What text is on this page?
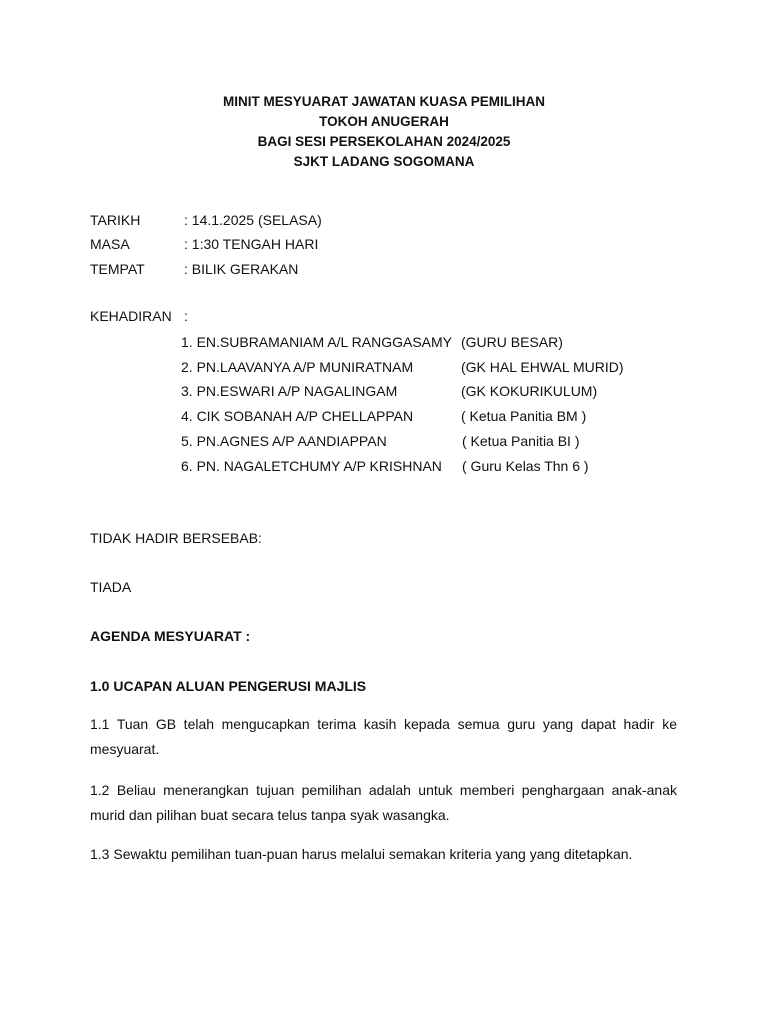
MINIT MESYUARAT JAWATAN KUASA PEMILIHAN
TOKOH ANUGERAH
BAGI SESI PERSEKOLAHAN 2024/2025
SJKT LADANG SOGOMANA
TARIKH	: 14.1.2025 (SELASA)
MASA	: 1:30 TENGAH HARI
TEMPAT	: BILIK GERAKAN
KEHADIRAN :
1. EN.SUBRAMANIAM A/L RANGGASAMY (GURU BESAR)
2. PN.LAAVANYA A/P MUNIRATNAM	(GK HAL EHWAL MURID)
3. PN.ESWARI A/P NAGALINGAM	(GK KOKURIKULUM)
4. CIK SOBANAH A/P CHELLAPPAN	( Ketua Panitia BM )
5. PN.AGNES A/P AANDIAPPAN	( Ketua Panitia BI )
6. PN. NAGALETCHUMY A/P KRISHNAN ( Guru Kelas Thn 6 )
TIDAK HADIR BERSEBAB:
TIADA
AGENDA MESYUARAT :
1.0 UCAPAN ALUAN PENGERUSI MAJLIS
1.1 Tuan GB telah mengucapkan terima kasih kepada semua guru yang dapat hadir ke mesyuarat.
1.2 Beliau menerangkan tujuan pemilihan adalah untuk memberi penghargaan anak-anak murid dan pilihan buat secara telus tanpa syak wasangka.
1.3 Sewaktu pemilihan tuan-puan harus melalui semakan kriteria yang yang ditetapkan.
